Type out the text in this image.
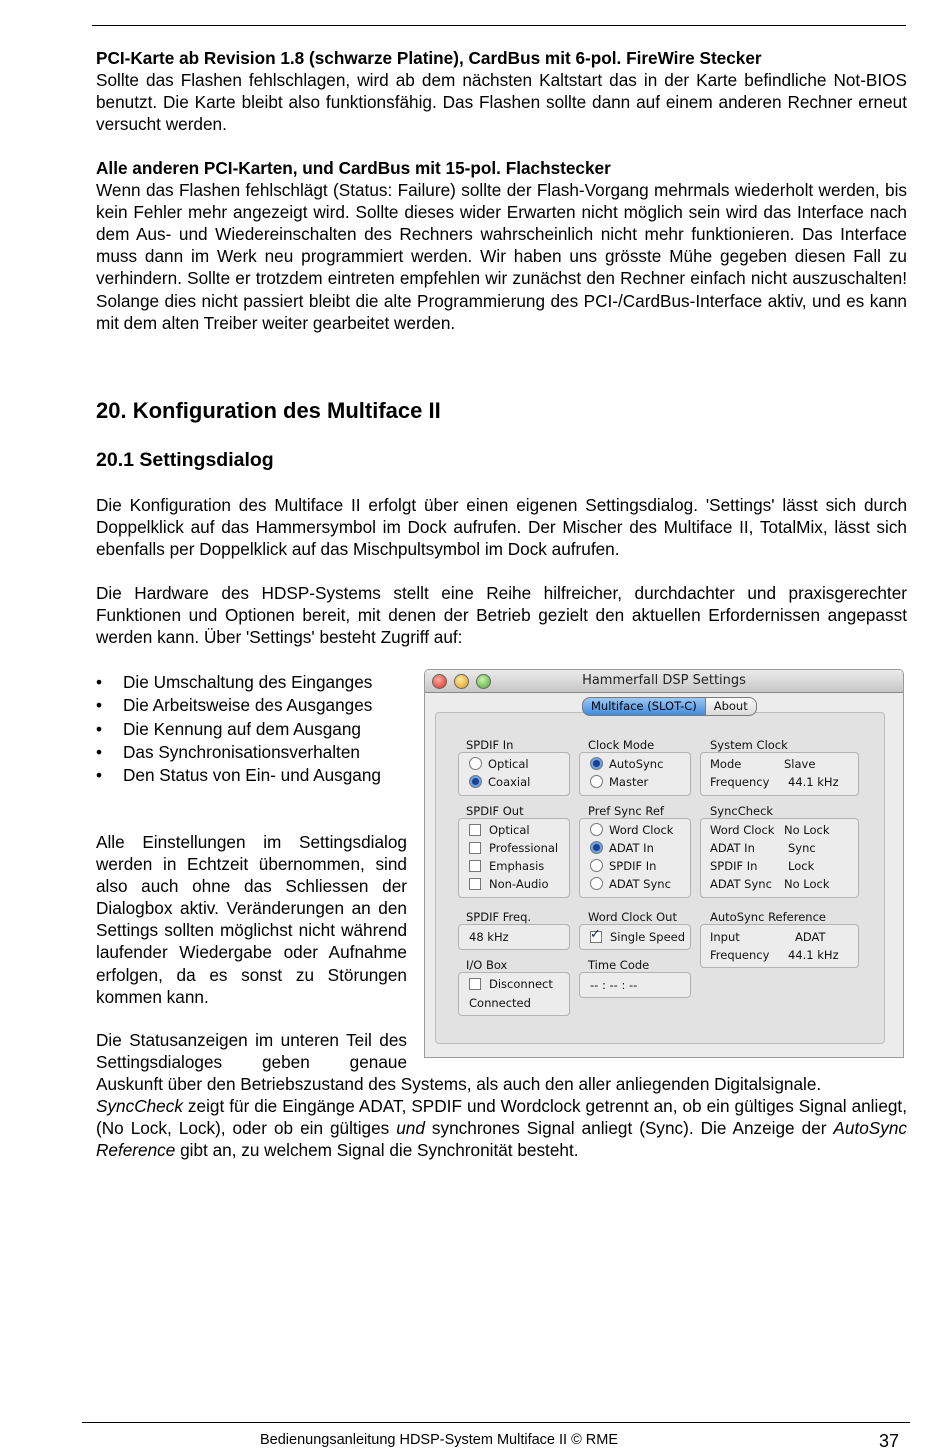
PCI-Karte ab Revision 1.8 (schwarze Platine), CardBus mit 6-pol. FireWire Stecker

Sollte das Flashen fehlschlagen, wird ab dem nächsten Kaltstart das in der Karte befindliche Not-BIOS benutzt. Die Karte bleibt also funktionsfähig. Das Flashen sollte dann auf einem anderen Rechner erneut versucht werden.

Alle anderen PCI-Karten, und CardBus mit 15-pol. Flachstecker

Wenn das Flashen fehlschlägt (Status: Failure) sollte der Flash-Vorgang mehrmals wiederholt werden, bis kein Fehler mehr angezeigt wird. Sollte dieses wider Erwarten nicht möglich sein wird das Interface nach dem Aus- und Wiedereinschalten des Rechners wahrscheinlich nicht mehr funktionieren. Das Interface muss dann im Werk neu programmiert werden. Wir haben uns grösste Mühe gegeben diesen Fall zu verhindern. Sollte er trotzdem eintreten empfehlen wir zunächst den Rechner einfach nicht auszuschalten! Solange dies nicht passiert bleibt die alte Programmierung des PCI-/CardBus-Interface aktiv, und es kann mit dem alten Treiber weiter gearbeitet werden.

20. Konfiguration des Multiface II
20.1 Settingsdialog

Die Konfiguration des Multiface II erfolgt über einen eigenen Settingsdialog. 'Settings' lässt sich durch Doppelklick auf das Hammersymbol im Dock aufrufen. Der Mischer des Multiface II, TotalMix, lässt sich ebenfalls per Doppelklick auf das Mischpultsymbol im Dock aufrufen.

Die Hardware des HDSP-Systems stellt eine Reihe hilfreicher, durchdachter und praxisgerechter Funktionen und Optionen bereit, mit denen der Betrieb gezielt den aktuellen Erfordernissen angepasst werden kann. Über 'Settings' besteht Zugriff auf:

• Die Umschaltung des Einganges
• Die Arbeitsweise des Ausganges
• Die Kennung auf dem Ausgang
• Das Synchronisationsverhalten
• Den Status von Ein- und Ausgang

Alle Einstellungen im Settingsdialog werden in Echtzeit übernommen, sind also auch ohne das Schliessen der Dialogbox aktiv. Veränderungen an den Settings sollten möglichst nicht während laufender Wiedergabe oder Aufnahme erfolgen, da es sonst zu Störungen kommen kann.

Die Statusanzeigen im unteren Teil des Settingsdialoges geben genaue

Auskunft über den Betriebszustand des Systems, als auch den aller anliegenden Digitalsignale.
SyncCheck zeigt für die Eingänge ADAT, SPDIF und Wordclock getrennt an, ob ein gültiges Signal anliegt, (No Lock, Lock), oder ob ein gültiges und synchrones Signal anliegt (Sync). Die Anzeige der AutoSync Reference gibt an, zu welchem Signal die Synchronität besteht.

Hammerfall DSP Settings
Multiface (SLOT-C)	About
SPDIF In
Optical
Coaxial
SPDIF Out
Optical
Professional
Emphasis
Non-Audio
SPDIF Freq.
48 kHz
I/O Box
Disconnect
Connected
Clock Mode
AutoSync
Master
Pref Sync Ref
Word Clock
ADAT In
SPDIF In
ADAT Sync
Word Clock Out
✓Single Speed
Time Code
-- : -- : --
System Clock
Mode	Slave
Frequency 44.1 kHz
SyncCheck
Word Clock No Lock
ADAT In	Sync
SPDIF In	Lock
ADAT Sync No Lock
AutoSync Reference
Input	ADAT
Frequency 44.1 kHz
Bedienungsanleitung HDSP-System Multiface II © RME	37
